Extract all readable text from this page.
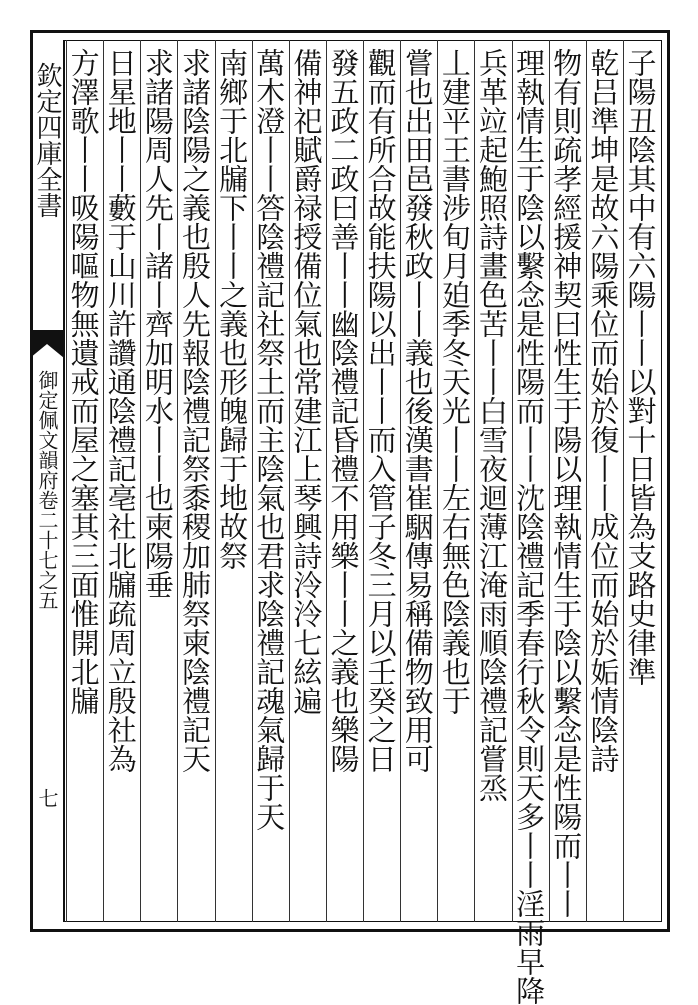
欽定四庫全書
御定佩文韻府卷二十七之五
七
子陽丑陰其中有六陽丨丨以對十日皆為支路史律準
乾吕準坤是故六陽乘位而始於復丨丨成位而始於姤情陰詩
物有則疏孝經援神契曰性生于陽以理執情生于陰以繫念是性陽而丨丨
理執情生于陰以繫念是性陽而丨丨沈陰禮記季春行秋令則天多丨丨淫雨早降
兵革竝起鮑照詩畫色苦丨丨白雪夜迴薄江淹雨順陰禮記嘗烝
丄建平王書涉旬月廹季冬天光丨丨左右無色陰義也于
嘗也出田邑發秋政丨丨義也後漢書崔駰傳易稱備物致用可
觀而有所合故能扶陽以出丨丨而入管子冬三月以壬癸之日
發五政二政曰善丨丨幽陰禮記昏禮不用樂丨丨之義也樂陽
備神祀賦爵禄授備位氣也常建江上琴興詩泠泠七絃遍
萬木澄丨丨答陰禮記社祭土而主陰氣也君求陰禮記魂氣歸于天
南鄉于北牖下丨丨之義也形魄歸于地故祭
求諸陰陽之義也殷人先報陰禮記祭黍稷加肺祭柬陰禮記天
求諸陽周人先丨諸丨齊加明水丨丨也柬陽垂
日星地丨丨藪于山川許讚通陰禮記亳社北牖疏周立殷社為
方澤歌丨丨吸陽嘔物無遺戒而屋之塞其三面惟開北牖
